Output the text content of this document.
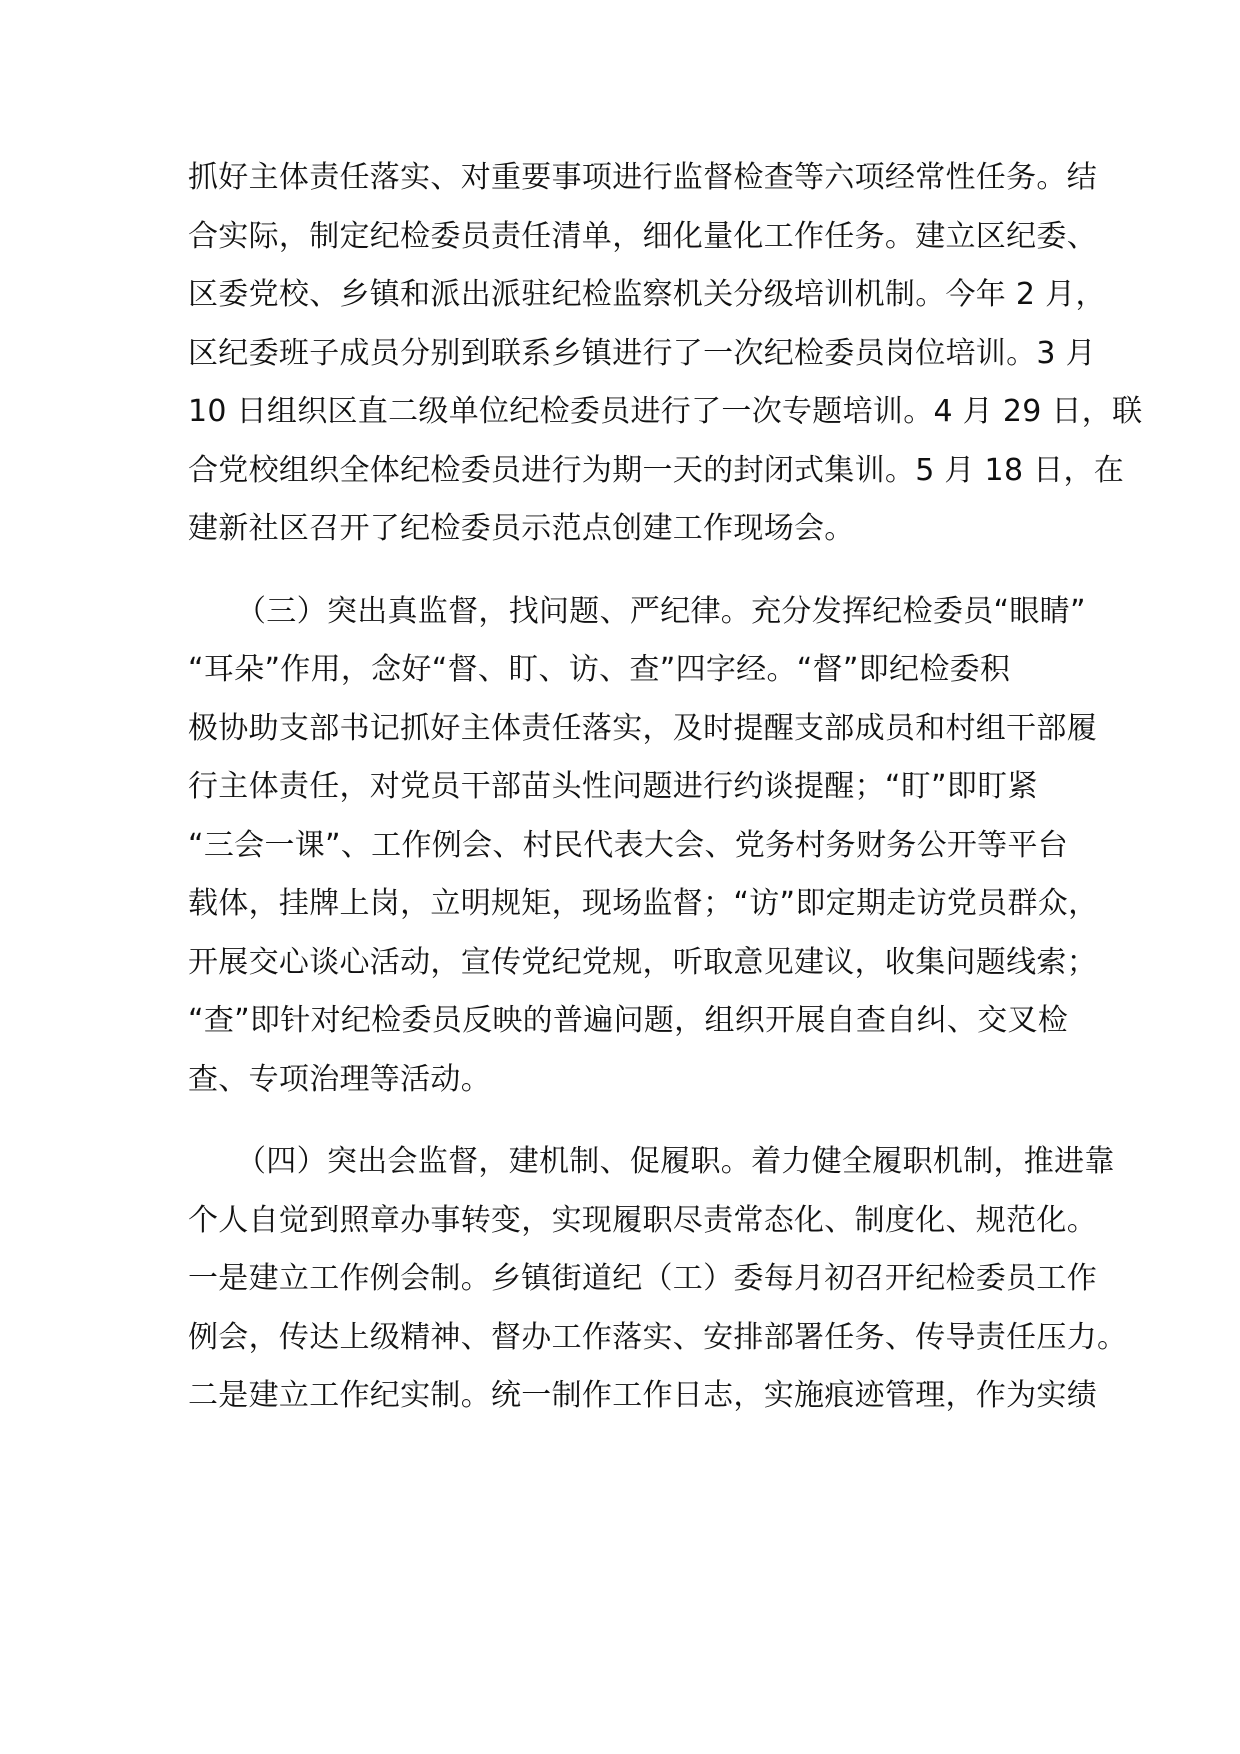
抓好主体责任落实、对重要事项进行监督检查等六项经常性任务。结
合实际，制定纪检委员责任清单，细化量化工作任务。建立区纪委、
区委党校、乡镇和派出派驻纪检监察机关分级培训机制。今年 2 月，
区纪委班子成员分别到联系乡镇进行了一次纪检委员岗位培训。3 月
10 日组织区直二级单位纪检委员进行了一次专题培训。4 月 29 日，联
合党校组织全体纪检委员进行为期一天的封闭式集训。5 月 18 日，在
建新社区召开了纪检委员示范点创建工作现场会。
（三）突出真监督，找问题、严纪律。充分发挥纪检委员“眼睛”
“耳朵”作用，念好“督、盯、访、查”四字经。“督”即纪检委积
极协助支部书记抓好主体责任落实，及时提醒支部成员和村组干部履
行主体责任，对党员干部苗头性问题进行约谈提醒；“盯”即盯紧
“三会一课”、工作例会、村民代表大会、党务村务财务公开等平台
载体，挂牌上岗，立明规矩，现场监督；“访”即定期走访党员群众，
开展交心谈心活动，宣传党纪党规，听取意见建议，收集问题线索；
“查”即针对纪检委员反映的普遍问题，组织开展自查自纠、交叉检
查、专项治理等活动。
（四）突出会监督，建机制、促履职。着力健全履职机制，推进靠
个人自觉到照章办事转变，实现履职尽责常态化、制度化、规范化。
一是建立工作例会制。乡镇街道纪（工）委每月初召开纪检委员工作
例会，传达上级精神、督办工作落实、安排部署任务、传导责任压力。
二是建立工作纪实制。统一制作工作日志，实施痕迹管理，作为实绩
